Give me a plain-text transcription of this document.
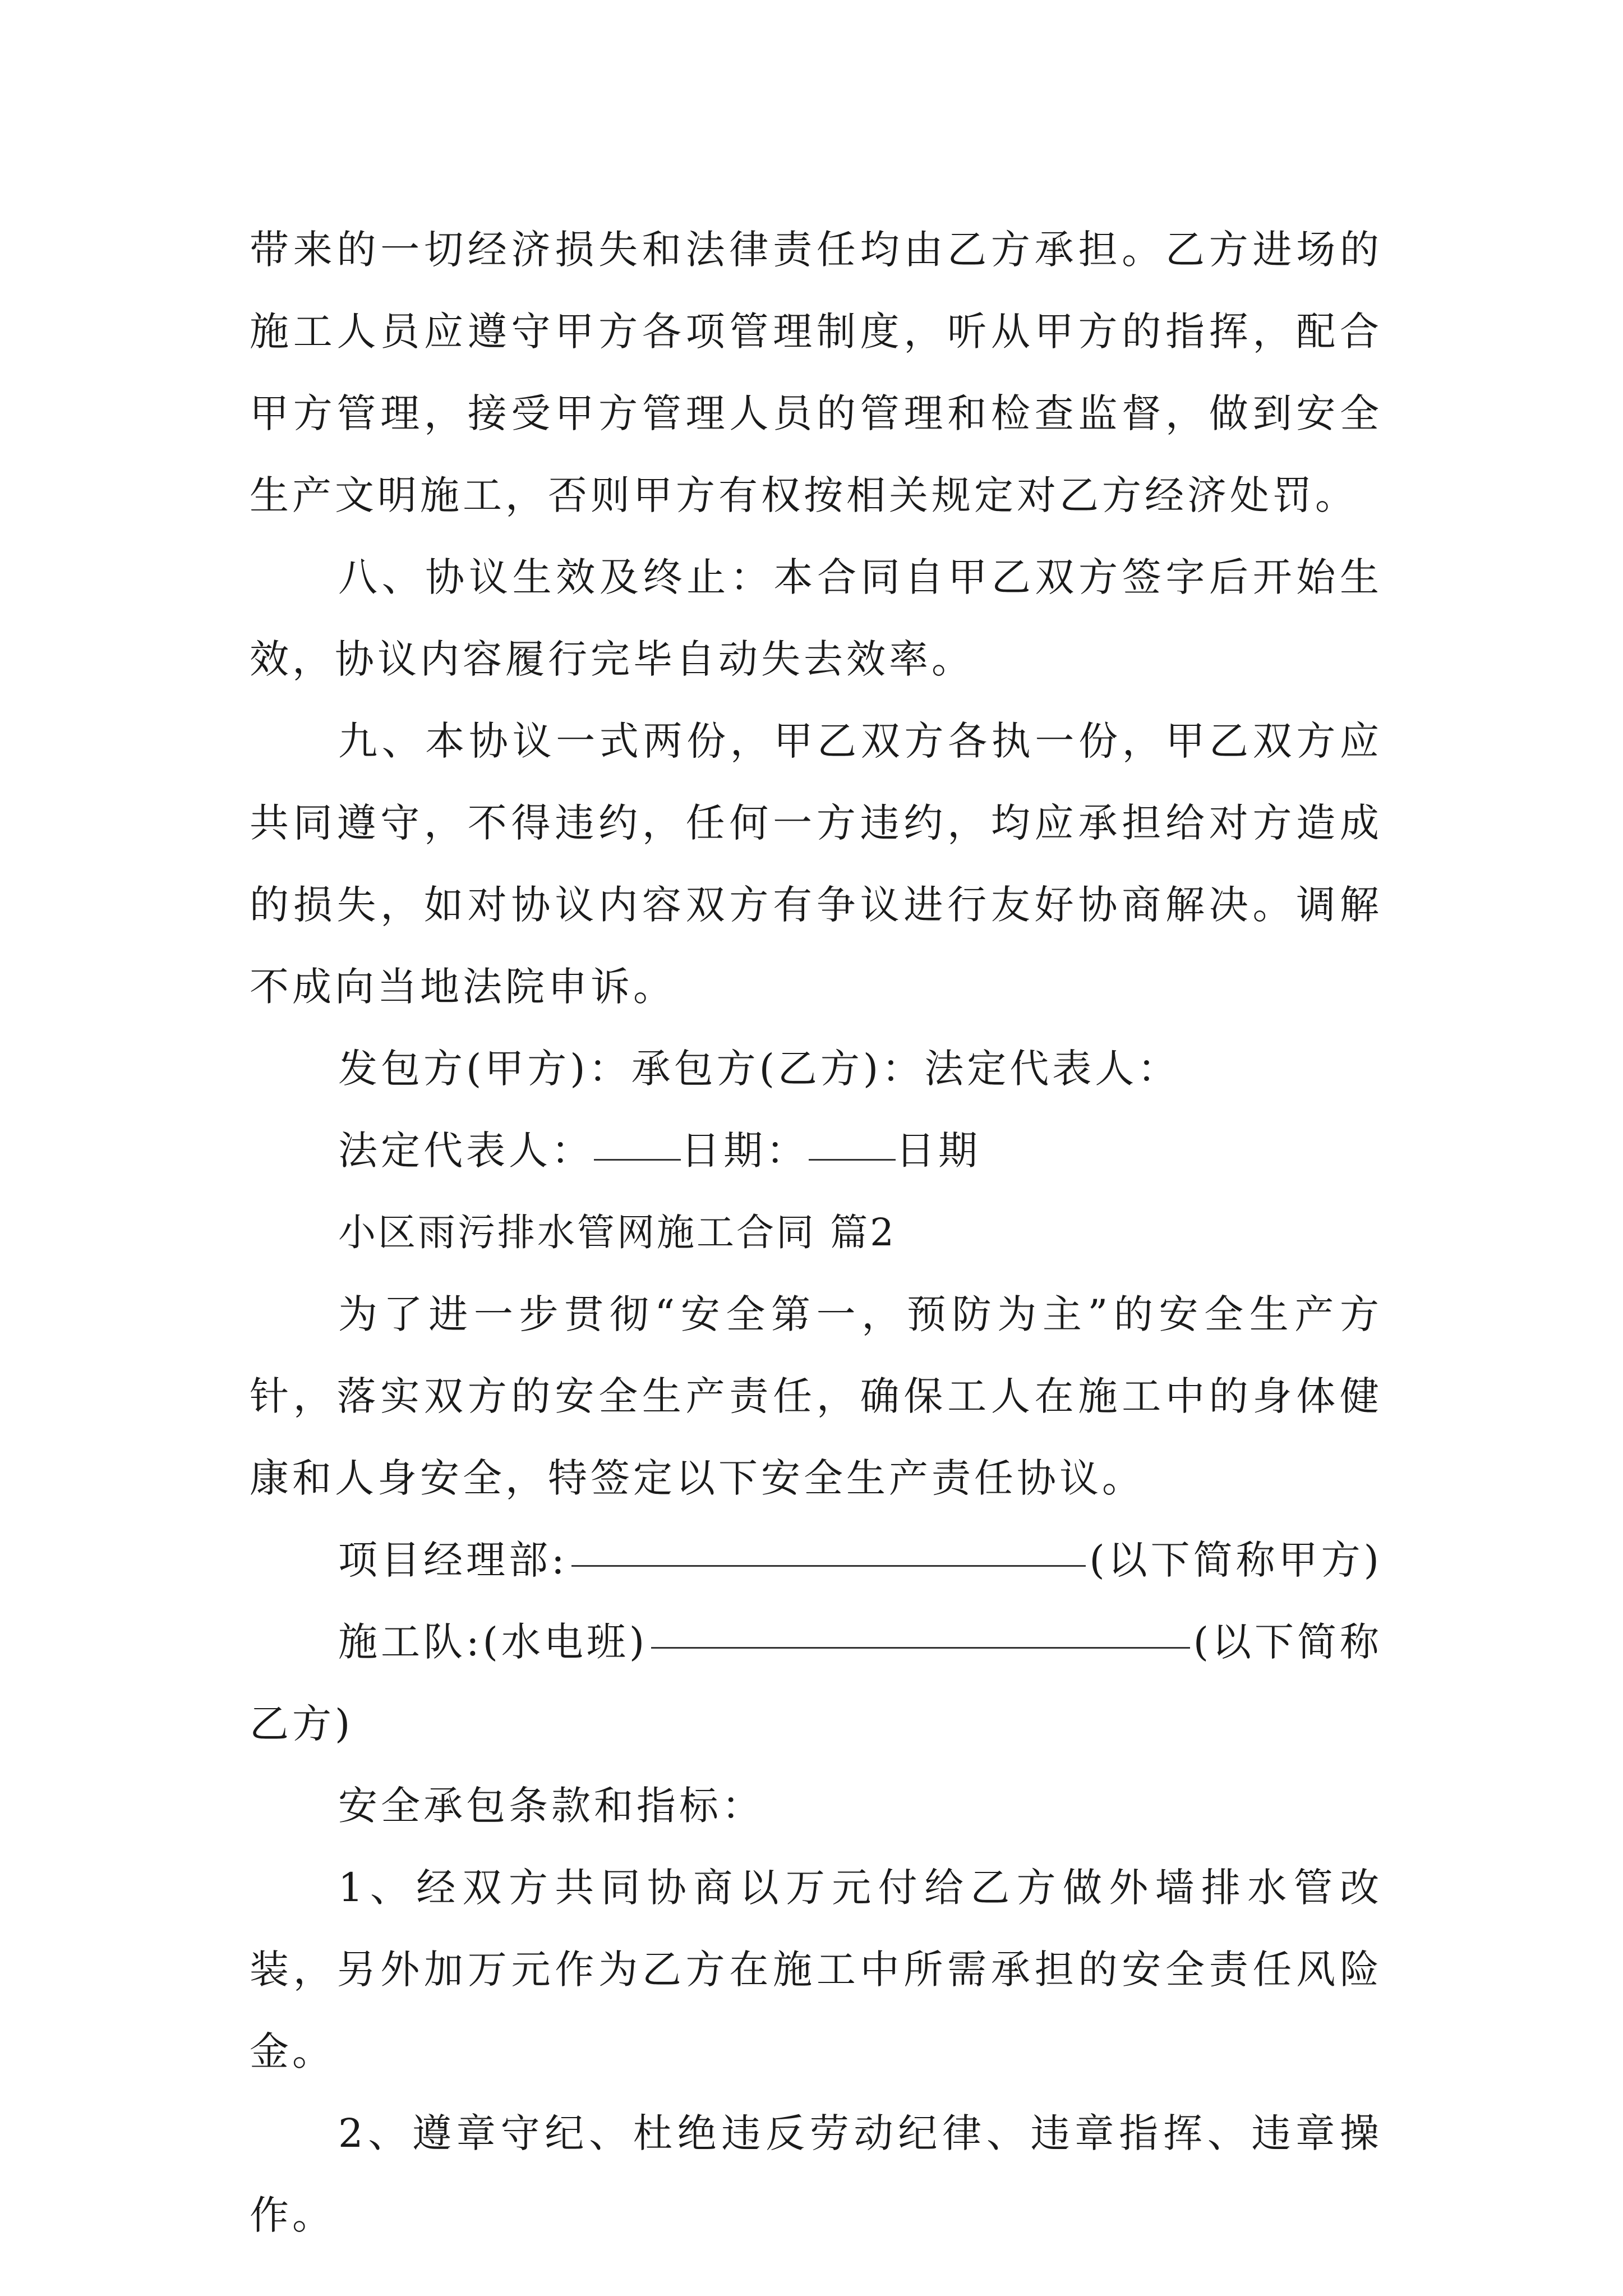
带来的一切经济损失和法律责任均由乙方承担。乙方进场的施工人员应遵守甲方各项管理制度，听从甲方的指挥，配合甲方管理，接受甲方管理人员的管理和检查监督，做到安全生产文明施工，否则甲方有权按相关规定对乙方经济处罚。

八、协议生效及终止：本合同自甲乙双方签字后开始生效，协议内容履行完毕自动失去效率。

九、本协议一式两份，甲乙双方各执一份，甲乙双方应共同遵守，不得违约，任何一方违约，均应承担给对方造成的损失，如对协议内容双方有争议进行友好协商解决。调解不成向当地法院申诉。

发包方(甲方)：承包方(乙方)：法定代表人：

法定代表人： 日期： 日期

小区雨污排水管网施工合同 篇2

为了进一步贯彻“安全第一，预防为主”的安全生产方针，落实双方的安全生产责任，确保工人在施工中的身体健康和人身安全，特签定以下安全生产责任协议。

项目经理部:	(以下简称甲方)

施工队:(水电班)	(以下简称

乙方)

安全承包条款和指标：

1、经双方共同协商以万元付给乙方做外墙排水管改装，另外加万元作为乙方在施工中所需承担的安全责任风险金。

2、遵章守纪、杜绝违反劳动纪律、违章指挥、违章操作。
